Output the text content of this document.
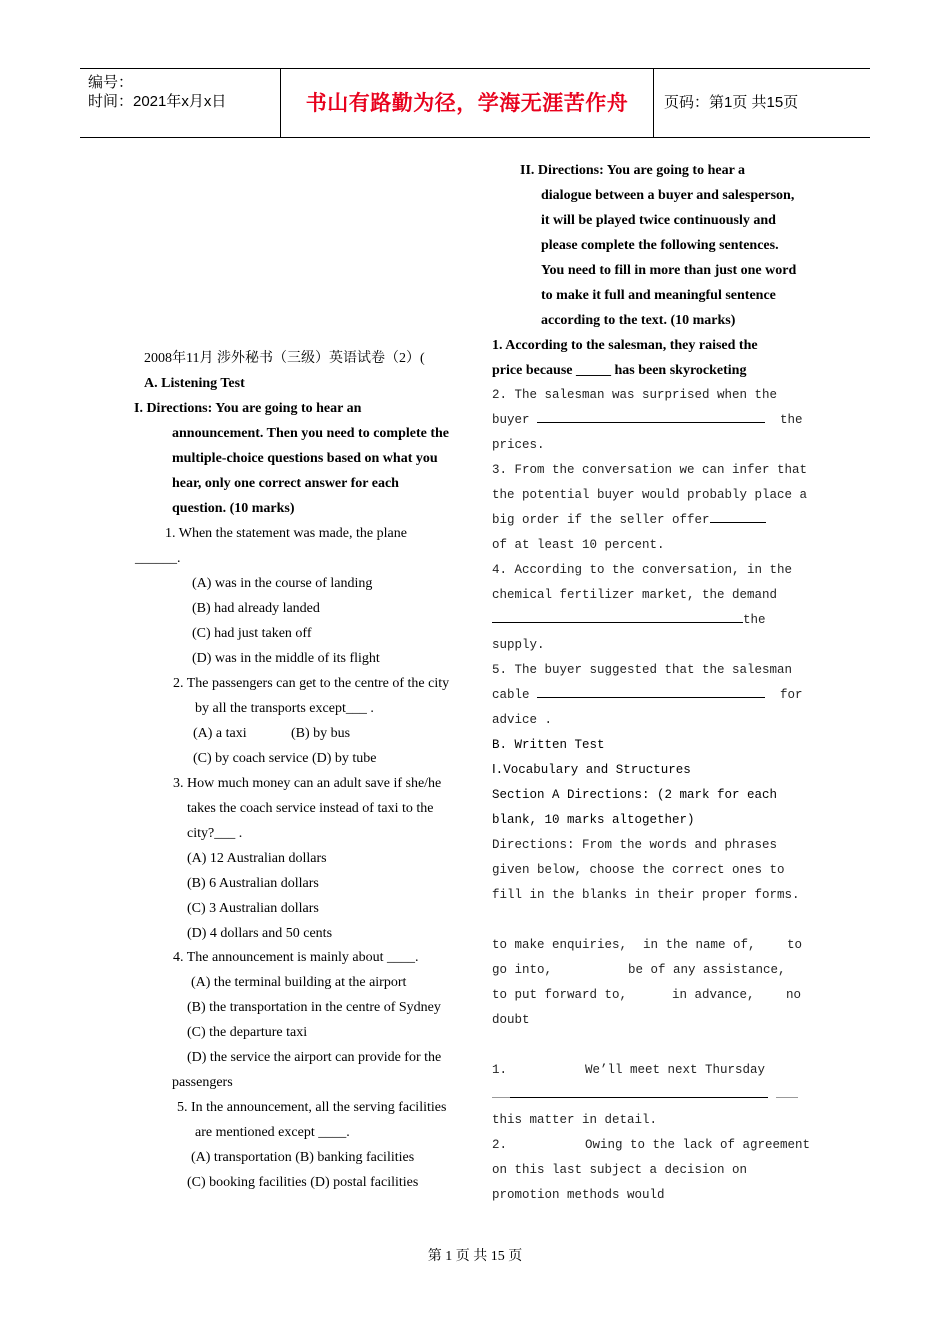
编号：
时间：2021年x月x日	书山有路勤为径，学海无涯苦作舟	页码：第1页 共15页
2008年11月 涉外秘书（三级）英语试卷（2）(
A. Listening Test
I. Directions: You are going to hear an
announcement. Then you need to complete the
multiple-choice questions based on what you
hear, only one correct answer for each
question. (10 marks)
1. When the statement was made, the plane
______.
(A) was in the course of landing
(B) had already landed
(C) had just taken off
(D) was in the middle of its flight
2. The passengers can get to the centre of the city
by all the transports except___ .
(A) a taxi	(B) by bus
(C) by coach service (D) by tube
3. How much money can an adult save if she/he
takes the coach service instead of taxi to the
city?___ .
(A) 12 Australian dollars
(B) 6 Australian dollars
(C) 3 Australian dollars
(D) 4 dollars and 50 cents
4. The announcement is mainly about ____.
(A) the terminal building at the airport
(B) the transportation in the centre of Sydney
(C) the departure taxi
(D) the service the airport can provide for the
passengers
5. In the announcement, all the serving facilities
are mentioned except ____.
(A) transportation (B) banking facilities
(C) booking facilities (D) postal facilities
II. Directions: You are going to hear a
dialogue between a buyer and salesperson,
it will be played twice continuously and
please complete the following sentences.
You need to fill in more than just one word
to make it full and meaningful sentence
according to the text. (10 marks)
1. According to the salesman, they raised the
price because _____ has been skyrocketing
2. The salesman was surprised when the
buyer	the
prices.
3. From the conversation we can infer that
the potential buyer would probably place a
big order if the seller offer
of at least 10 percent.
4. According to the conversation, in the
chemical fertilizer market, the demand
the
supply.
5. The buyer suggested that the salesman
cable	for
advice .
B. Written Test
Ⅰ.Vocabulary and Structures
Section A Directions: (2 mark for each
blank, 10 marks altogether)
Directions: From the words and phrases
given below, choose the correct ones to
fill in the blanks in their proper forms.
to make enquiries, in the name of,	to
go into,	be of any assistance,
to put forward to,	in advance,	no
doubt
1.	We’ll meet next Thursday

this matter in detail.
2.	Owing to the lack of agreement
on this last subject a decision on
promotion methods would
第 1 页 共 15 页
